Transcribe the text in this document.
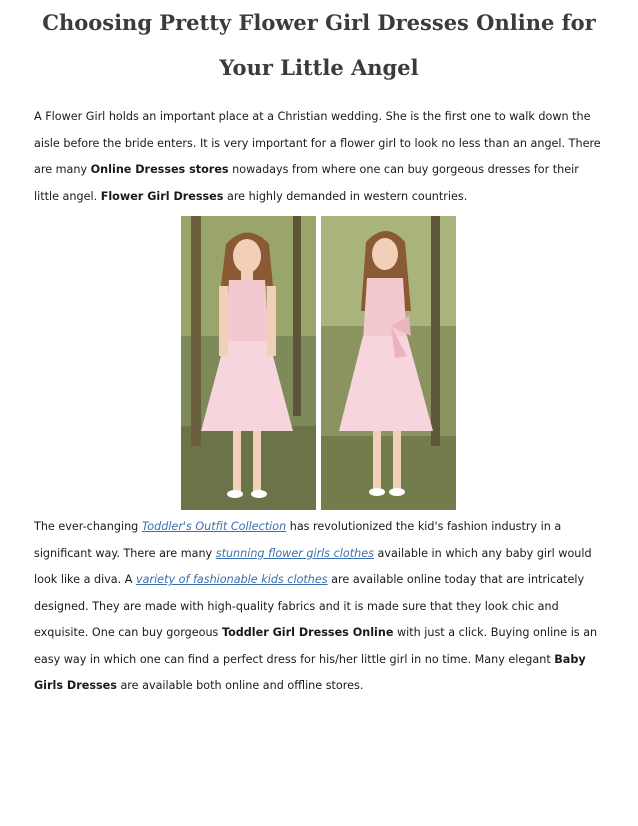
Choosing Pretty Flower Girl Dresses Online for
Your Little Angel

A Flower Girl holds an important place at a Christian wedding. She is the first one to walk down the aisle before the bride enters. It is very important for a flower girl to look no less than an angel. There are many Online Dresses stores nowadays from where one can buy gorgeous dresses for their little angel. Flower Girl Dresses are highly demanded in western countries.

The ever-changing Toddler's Outfit Collection has revolutionized the kid's fashion industry in a significant way. There are many stunning flower girls clothes available in which any baby girl would look like a diva. A variety of fashionable kids clothes are available online today that are intricately designed. They are made with high-quality fabrics and it is made sure that they look chic and exquisite. One can buy gorgeous Toddler Girl Dresses Online with just a click. Buying online is an easy way in which one can find a perfect dress for his/her little girl in no time. Many elegant Baby Girls Dresses are available both online and offline stores.
